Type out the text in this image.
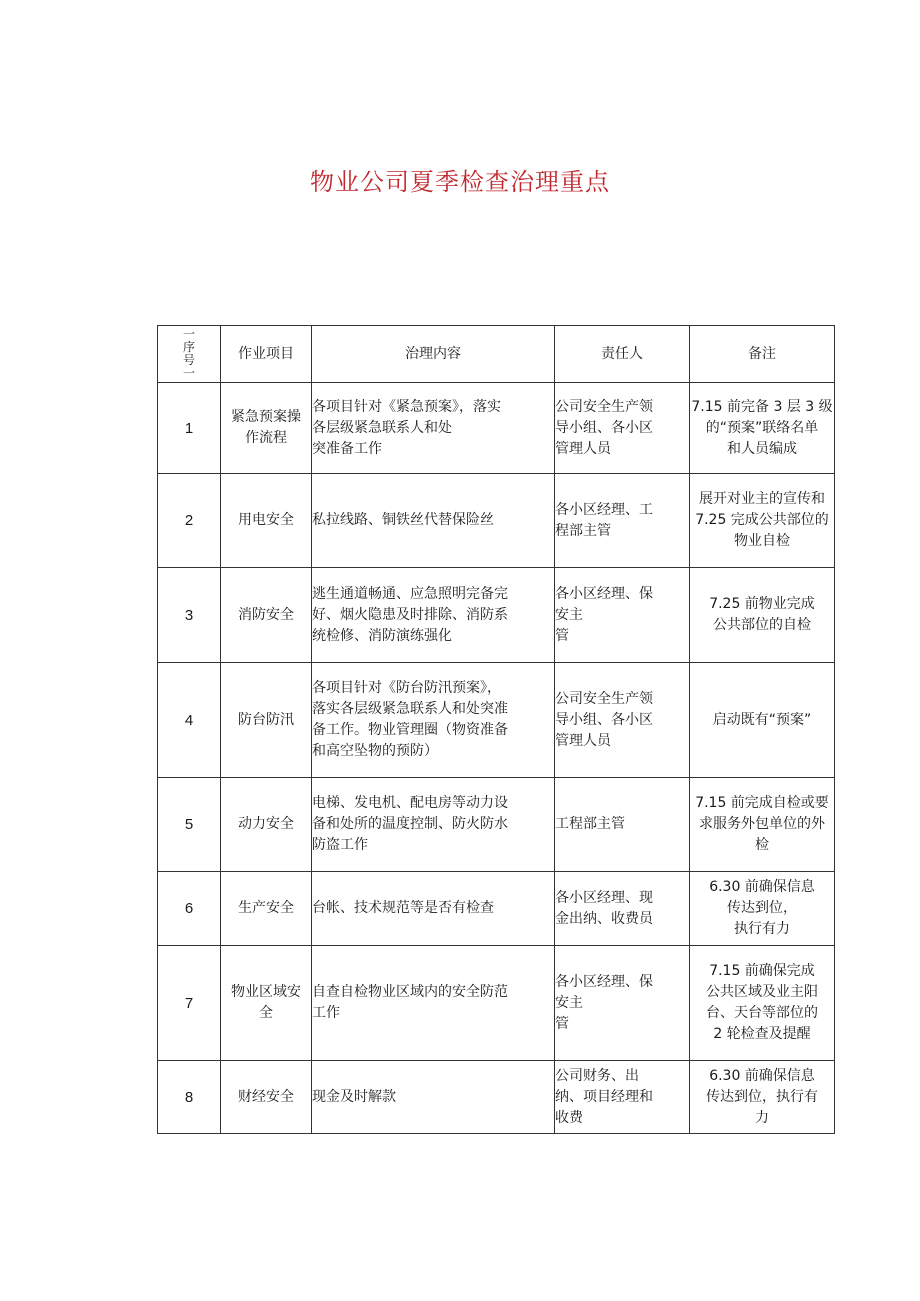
物业公司夏季检查治理重点
一
序
号
一	作业项目	治理内容	责任人	备注
1	紧急预案操
作流程	各项目针对《紧急预案》，落实
各层级紧急联系人和处
突准备工作	公司安全生产领
导小组、各小区
管理人员	7.15 前完备 3 层 3 级
的“预案”联络名单
和人员编成
2	用电安全	私拉线路、铜铁丝代替保险丝	各小区经理、工
程部主管	展开对业主的宣传和
7.25 完成公共部位的
物业自检
3	消防安全	逃生通道畅通、应急照明完备完
好、烟火隐患及时排除、消防系
统检修、消防演练强化	各小区经理、保
安主
管	7.25 前物业完成
公共部位的自检
4	防台防汛	各项目针对《防台防汛预案》，
落实各层级紧急联系人和处突准
备工作。物业管理圈（物资准备
和高空坠物的预防）	公司安全生产领
导小组、各小区
管理人员	启动既有“预案”
5	动力安全	电梯、发电机、配电房等动力设
备和处所的温度控制、防火防水
防盗工作	工程部主管	7.15 前完成自检或要
求服务外包单位的外
检
6	生产安全	台帐、技术规范等是否有检查	各小区经理、现
金出纳、收费员	6.30 前确保信息
传达到位，
执行有力
7	物业区域安
全	自查自检物业区域内的安全防范
工作	各小区经理、保
安主
管	7.15 前确保完成
公共区域及业主阳
台、天台等部位的
2 轮检查及提醒
8	财经安全	现金及时解款	公司财务、出
纳、项目经理和
收费	6.30 前确保信息
传达到位，执行有
力
